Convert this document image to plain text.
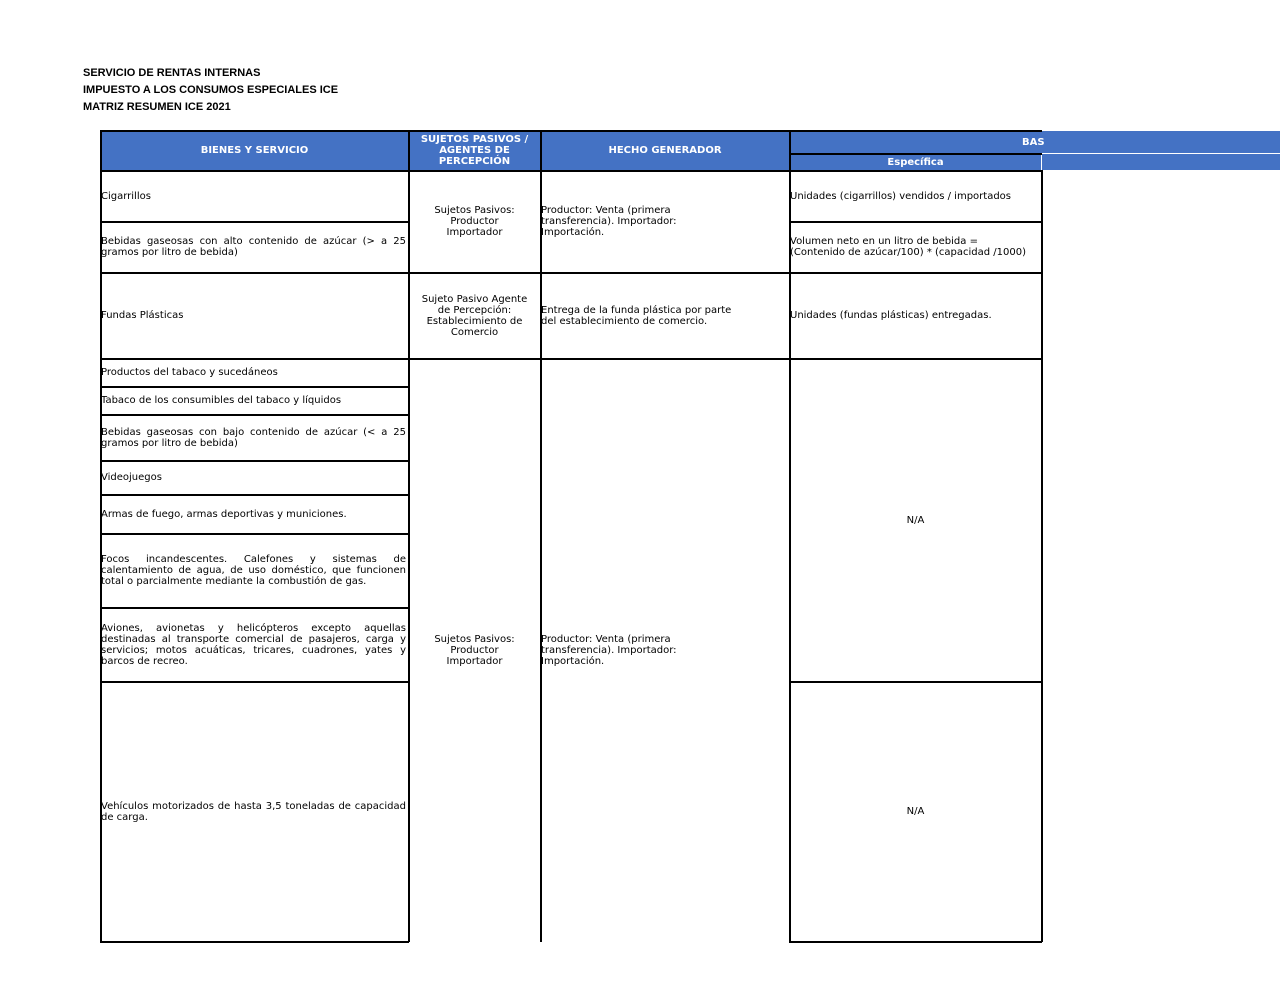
SERVICIO DE RENTAS INTERNAS
IMPUESTO A LOS CONSUMOS ESPECIALES ICE
MATRIZ RESUMEN ICE 2021
BIENES Y SERVICIO
SUJETOS PASIVOS / AGENTES DE PERCEPCIÓN
HECHO GENERADOR
BAS
Específica
Cigarrillos
Bebidas gaseosas con alto contenido de azúcar (> a 25 gramos por litro de bebida)
Fundas Plásticas
Productos del tabaco y sucedáneos
Tabaco de los consumibles del tabaco y líquidos
Bebidas gaseosas con bajo contenido de azúcar (< a 25 gramos por litro de bebida)
Videojuegos
Armas de fuego, armas deportivas y municiones.
Focos incandescentes. Calefones y sistemas de calentamiento de agua, de uso doméstico, que funcionen total o parcialmente mediante la combustión de gas.
Aviones, avionetas y helicópteros excepto aquellas destinadas al transporte comercial de pasajeros, carga y servicios; motos acuáticas, tricares, cuadrones, yates y barcos de recreo.
Vehículos motorizados de hasta 3,5 toneladas de capacidad de carga.
Sujetos Pasivos: Productor Importador
Sujeto Pasivo Agente de Percepción: Establecimiento de Comercio
Sujetos Pasivos: Productor Importador
Productor: Venta (primera transferencia). Importador: Importación.
Entrega de la funda plástica por parte del establecimiento de comercio.
Productor: Venta (primera transferencia). Importador: Importación.
Unidades (cigarrillos) vendidos / importados
Volumen neto en un litro de bebida =
(Contenido de azúcar/100) * (capacidad /1000)
Unidades (fundas plásticas) entregadas.
N/A
N/A
